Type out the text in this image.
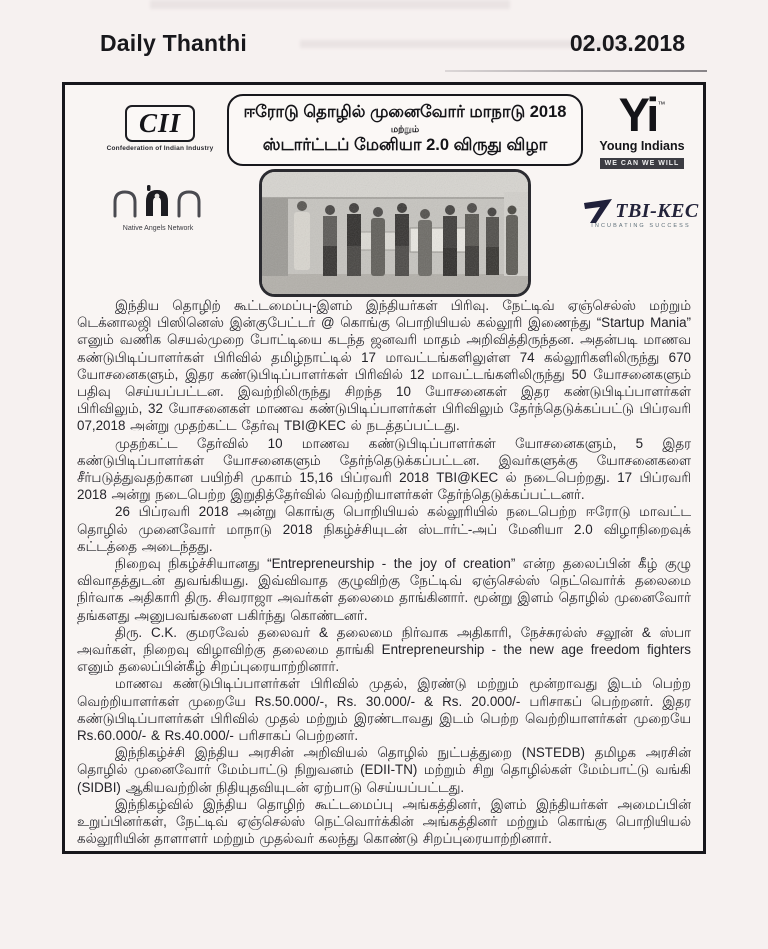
Daily Thanthi	02.03.2018
CII
Confederation of Indian Industry
ஈரோடு தொழில் முனைவோர் மாநாடு 2018
மற்றும்
ஸ்டார்ட்டப் மேனியா 2.0 விருது விழா
Yi™
Young Indians
WE CAN WE WILL
Native Angels Network
TBI-KEC
INCUBATING SUCCESS

இந்திய தொழிற் கூட்டமைப்பு-இளம் இந்தியர்கள் பிரிவு. நேட்டிவ் ஏஞ்செல்ஸ் மற்றும் டெக்னாலஜி பிஸினெஸ் இன்குபேட்டர் @ கொங்கு பொறியியல் கல்லூரி இணைந்து “Startup Mania” எனும் வணிக செயல்முறை போட்டியை கடந்த ஜனவரி மாதம் அறிவித்திருந்தன. அதன்படி மாணவ கண்டுபிடிப்பாளர்கள் பிரிவில் தமிழ்நாட்டில் 17 மாவட்டங்களிலுள்ள 74 கல்லூரிகளிலிருந்து 670 யோசனைகளும், இதர கண்டுபிடிப்பாளர்கள் பிரிவில் 12 மாவட்டங்களிலிருந்து 50 யோசனைகளும் பதிவு செய்யப்பட்டன. இவற்றிலிருந்து சிறந்த 10 யோசனைகள் இதர கண்டுபிடிப்பாளர்கள் பிரிவிலும், 32 யோசனைகள் மாணவ கண்டுபிடிப்பாளர்கள் பிரிவிலும் தேர்ந்தெடுக்கப்பட்டு பிப்ரவரி 07,2018 அன்று முதற்கட்ட தேர்வு TBI@KEC ல் நடத்தப்பட்டது.

முதற்கட்ட தேர்வில் 10 மாணவ கண்டுபிடிப்பாளர்கள் யோசனைகளும், 5 இதர கண்டுபிடிப்பாளர்கள் யோசனைகளும் தேர்ந்தெடுக்கப்பட்டன. இவர்களுக்கு யோசனைகளை சீர்படுத்துவதற்கான பயிற்சி முகாம் 15,16 பிப்ரவரி 2018 TBI@KEC ல் நடைபெற்றது. 17 பிப்ரவரி 2018 அன்று நடைபெற்ற இறுதித்தேர்வில் வெற்றியாளர்கள் தேர்ந்தெடுக்கப்பட்டனர்.

26 பிப்ரவரி 2018 அன்று கொங்கு பொறியியல் கல்லூரியில் நடைபெற்ற ஈரோடு மாவட்ட தொழில் முனைவோர் மாநாடு 2018 நிகழ்ச்சியுடன் ஸ்டார்ட்-அப் மேனியா 2.0 விழாநிறைவுக் கட்டத்தை அடைந்தது.

நிறைவு நிகழ்ச்சியானது “Entrepreneurship - the joy of creation” என்ற தலைப்பின் கீழ் குழு விவாதத்துடன் துவங்கியது. இவ்விவாத குழுவிற்கு நேட்டிவ் ஏஞ்செல்ஸ் நெட்வொர்க் தலைமை நிர்வாக அதிகாரி திரு. சிவராஜா அவர்கள் தலைமை தாங்கினார். மூன்று இளம் தொழில் முனைவோர் தங்களது அனுபவங்களை பகிர்ந்து கொண்டனர்.

திரு. C.K. குமரவேல் தலைவர் & தலைமை நிர்வாக அதிகாரி, நேச்சுரல்ஸ் சலூன் & ஸ்பா அவர்கள், நிறைவு விழாவிற்கு தலைமை தாங்கி Entrepreneurship - the new age freedom fighters எனும் தலைப்பின்கீழ் சிறப்புரையாற்றினார்.

மாணவ கண்டுபிடிப்பாளர்கள் பிரிவில் முதல், இரண்டு மற்றும் மூன்றாவது இடம் பெற்ற வெற்றியாளர்கள் முறையே Rs.50.000/-, Rs. 30.000/- & Rs. 20.000/- பரிசாகப் பெற்றனர். இதர கண்டுபிடிப்பாளர்கள் பிரிவில் முதல் மற்றும் இரண்டாவது இடம் பெற்ற வெற்றியாளர்கள் முறையே Rs.60.000/- & Rs.40.000/- பரிசாகப் பெற்றனர்.

இந்நிகழ்ச்சி இந்திய அரசின் அறிவியல் தொழில் நுட்பத்துறை (NSTEDB) தமிழக அரசின் தொழில் முனைவோர் மேம்பாட்டு நிறுவனம் (EDII-TN) மற்றும் சிறு தொழில்கள் மேம்பாட்டு வங்கி (SIDBI) ஆகியவற்றின் நிதியுதவியுடன் ஏற்பாடு செய்யப்பட்டது.

இந்நிகழ்வில் இந்திய தொழிற் கூட்டமைப்பு அங்கத்தினர், இளம் இந்தியர்கள் அமைப்பின் உறுப்பினர்கள், நேட்டிவ் ஏஞ்செல்ஸ் நெட்வொர்க்கின் அங்கத்தினர் மற்றும் கொங்கு பொறியியல் கல்லூரியின் தாளாளர் மற்றும் முதல்வர் கலந்து கொண்டு சிறப்புரையாற்றினார்.
